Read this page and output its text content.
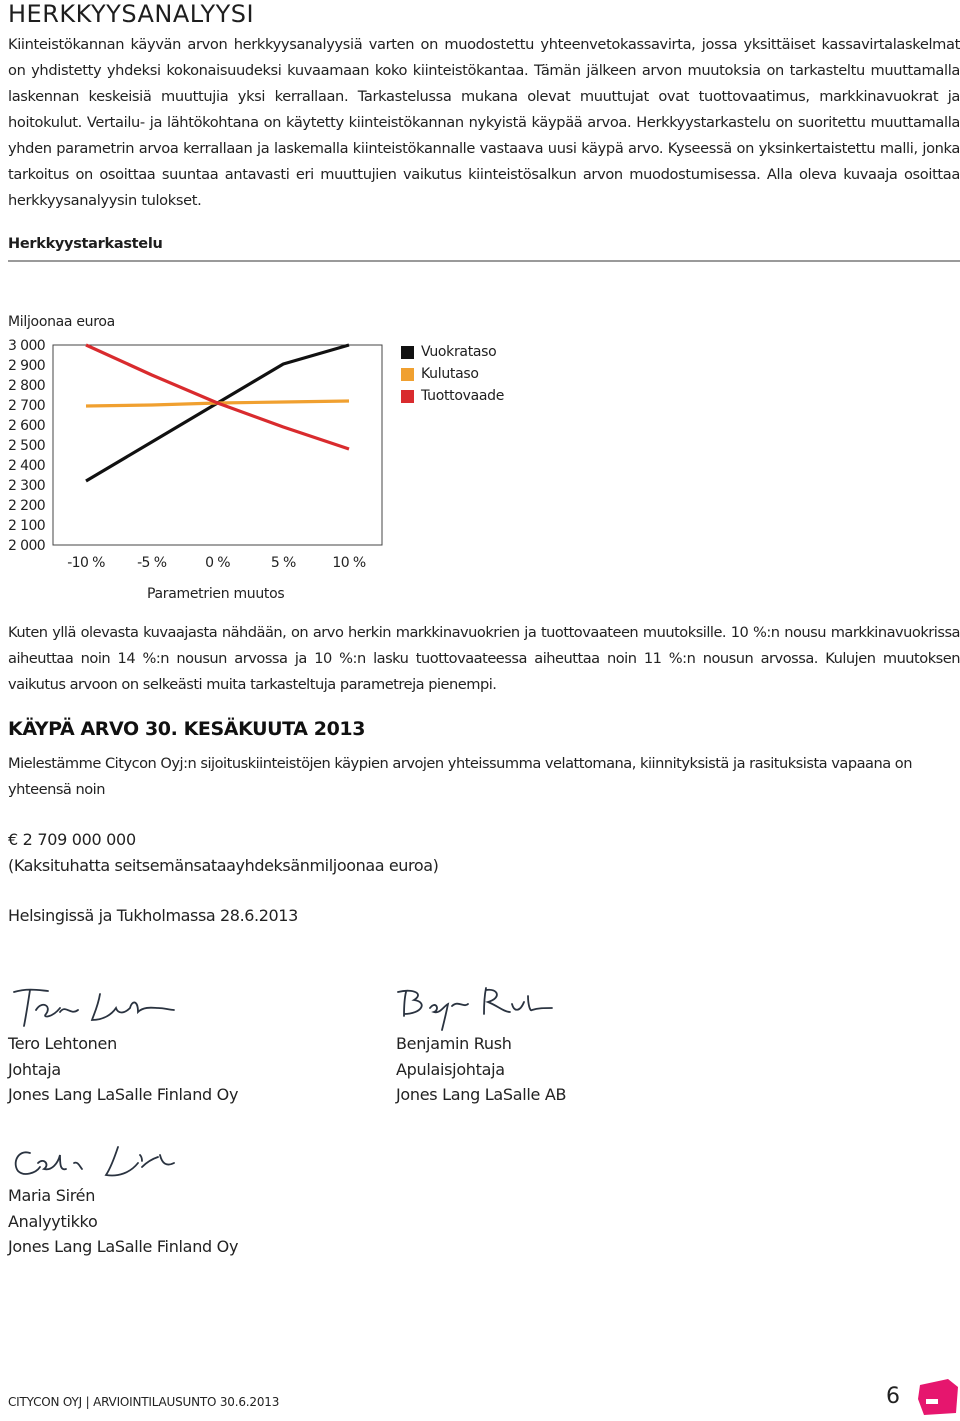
HERKKYYSANALYYSI
Kiinteistökannan käyvän arvon herkkyysanalyysiä varten on muodostettu yhteenvetokassavirta, jossa yksittäiset kassavirtalaskelmat on yhdistetty yhdeksi kokonaisuudeksi kuvaamaan koko kiinteistökantaa. Tämän jälkeen arvon muutoksia on tarkasteltu muuttamalla laskennan keskeisiä muuttujia yksi kerrallaan. Tarkastelussa mukana olevat muuttujat ovat tuottovaatimus, markkinavuokrat ja hoitokulut. Vertailu- ja lähtökohtana on käytetty kiinteistökannan nykyistä käypää arvoa. Herkkyystarkastelu on suoritettu muuttamalla yhden parametrin arvoa kerrallaan ja laskemalla kiinteistökannalle vastaava uusi käypä arvo. Kyseessä on yksinkertaistettu malli, jonka tarkoitus on osoittaa suuntaa antavasti eri muuttujien vaikutus kiinteistösalkun arvon muodostumisessa. Alla oleva kuvaaja osoittaa herkkyysanalyysin tulokset.
Herkkyystarkastelu
Miljoonaa euroa
3 000
2 900
2 800
2 700
2 600
2 500
2 400
2 300
2 200
2 100
2 000
-10 % -5 %	0 %	5 %	10 %
Parametrien muutos
Vuokrataso
Kulutaso
Tuottovaade
Kuten yllä olevasta kuvaajasta nähdään, on arvo herkin markkinavuokrien ja tuottovaateen muutoksille. 10 %:n nousu markkinavuokrissa aiheuttaa noin 14 %:n nousun arvossa ja 10 %:n lasku tuottovaateessa aiheuttaa noin 11 %:n nousun arvossa. Kulujen muutoksen vaikutus arvoon on selkeästi muita tarkasteltuja parametreja pienempi.
KÄYPÄ ARVO 30. KESÄKUUTA 2013
Mielestämme Citycon Oyj:n sijoituskiinteistöjen käypien arvojen yhteissumma velattomana, kiinnityksistä ja rasituksista vapaana on yhteensä noin
€ 2 709 000 000
(Kaksituhatta seitsemänsataayhdeksänmiljoonaa euroa)
Helsingissä ja Tukholmassa 28.6.2013
Tero Lehtonen
Johtaja
Jones Lang LaSalle Finland Oy
Benjamin Rush
Apulaisjohtaja
Jones Lang LaSalle AB
Maria Sirén
Analyytikko
Jones Lang LaSalle Finland Oy
CITYCON OYJ | ARVIOINTILAUSUNTO 30.6.2013	6
